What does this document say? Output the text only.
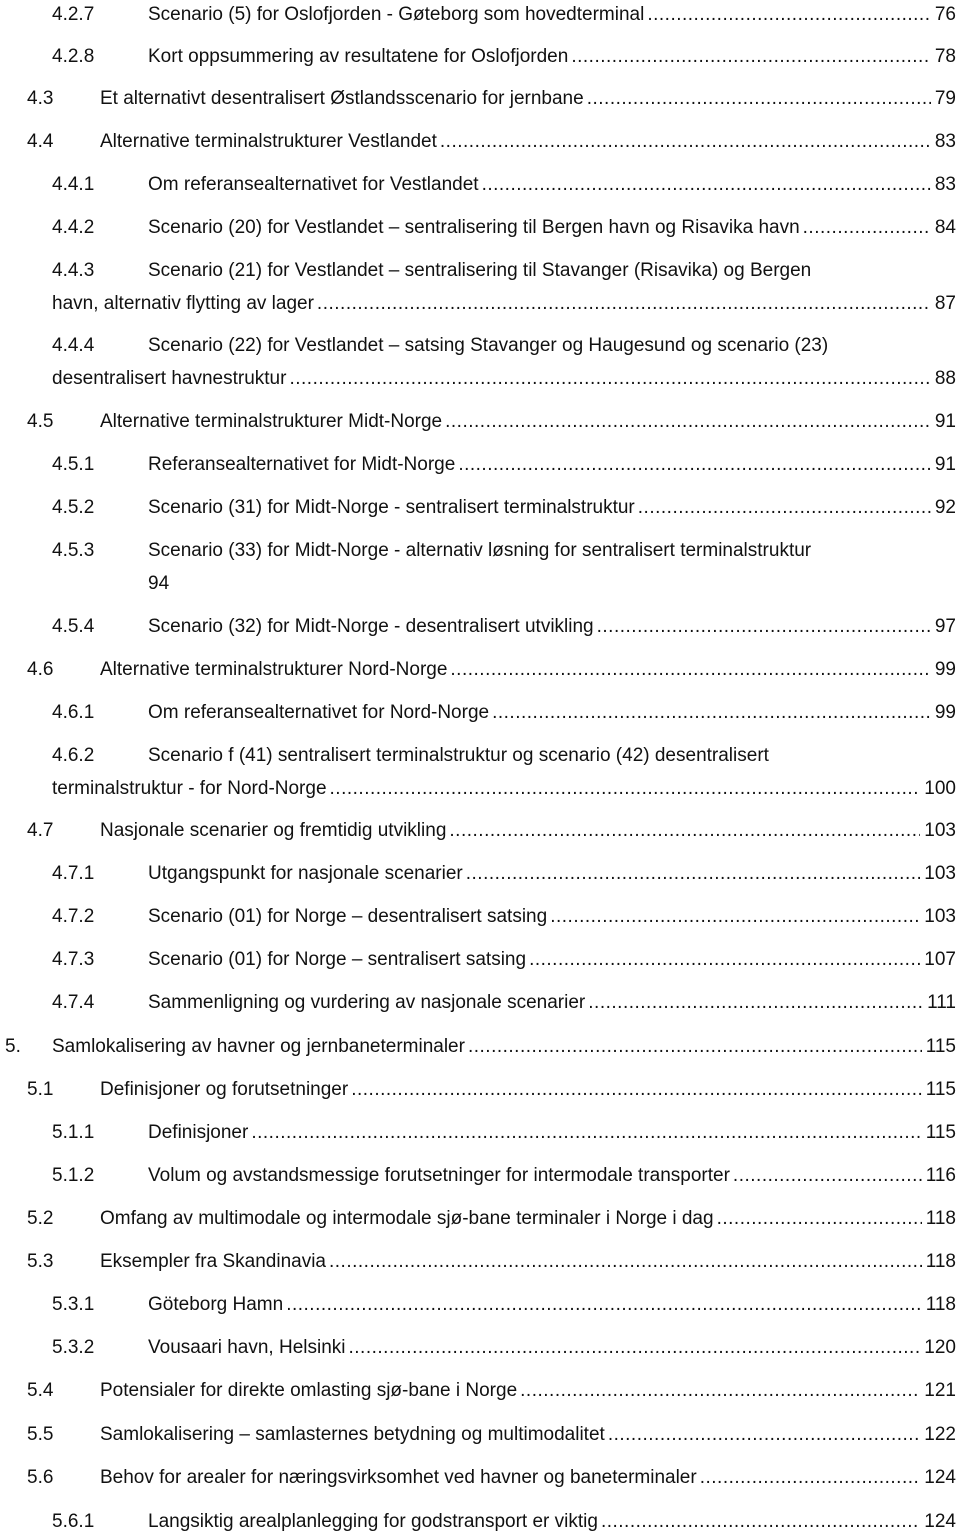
4.2.7	Scenario (5) for Oslofjorden - Gøteborg som hovedterminal .....	76
4.2.8	Kort oppsummering av resultatene for Oslofjorden .....	78
4.3 Et alternativt desentralisert Østlandsscenario for jernbane .....	79
4.4 Alternative terminalstrukturer Vestlandet .....	83
4.4.1	Om referansealternativet for Vestlandet .....	83
4.4.2	Scenario (20) for Vestlandet – sentralisering til Bergen havn og Risavika havn .....	84
4.4.3	Scenario (21) for Vestlandet – sentralisering til Stavanger (Risavika) og Bergen
havn, alternativ flytting av lager .....	87
4.4.4	Scenario (22) for Vestlandet – satsing Stavanger og Haugesund og scenario (23)
desentralisert havnestruktur .....	88
4.5 Alternative terminalstrukturer Midt-Norge .....	91
4.5.1	Referansealternativet for Midt-Norge .....	91
4.5.2	Scenario (31) for Midt-Norge - sentralisert terminalstruktur .....	92
4.5.3	Scenario (33) for Midt-Norge - alternativ løsning for sentralisert terminalstruktur
94
4.5.4	Scenario (32) for Midt-Norge - desentralisert utvikling .....	97
4.6 Alternative terminalstrukturer Nord-Norge .....	99
4.6.1	Om referansealternativet for Nord-Norge .....	99
4.6.2	Scenario f (41) sentralisert terminalstruktur og scenario (42) desentralisert
terminalstruktur - for Nord-Norge .....	100
4.7 Nasjonale scenarier og fremtidig utvikling .....	103
4.7.1	Utgangspunkt for nasjonale scenarier .....	103
4.7.2	Scenario (01) for Norge – desentralisert satsing .....	103
4.7.3	Scenario (01) for Norge – sentralisert satsing .....	107
4.7.4	Sammenligning og vurdering av nasjonale scenarier .....	111
5. Samlokalisering av havner og jernbaneterminaler .....	115
5.1 Definisjoner og forutsetninger .....	115
5.1.1	Definisjoner .....	115
5.1.2	Volum og avstandsmessige forutsetninger for intermodale transporter .....	116
5.2 Omfang av multimodale og intermodale sjø-bane terminaler i Norge i dag .....	118
5.3 Eksempler fra Skandinavia .....	118
5.3.1	Göteborg Hamn .....	118
5.3.2	Vousaari havn, Helsinki .....	120
5.4 Potensialer for direkte omlasting sjø-bane i Norge .....	121
5.5 Samlokalisering – samlasternes betydning og multimodalitet .....	122
5.6 Behov for arealer for næringsvirksomhet ved havner og baneterminaler .....	124
5.6.1	Langsiktig arealplanlegging for godstransport er viktig .....	124
